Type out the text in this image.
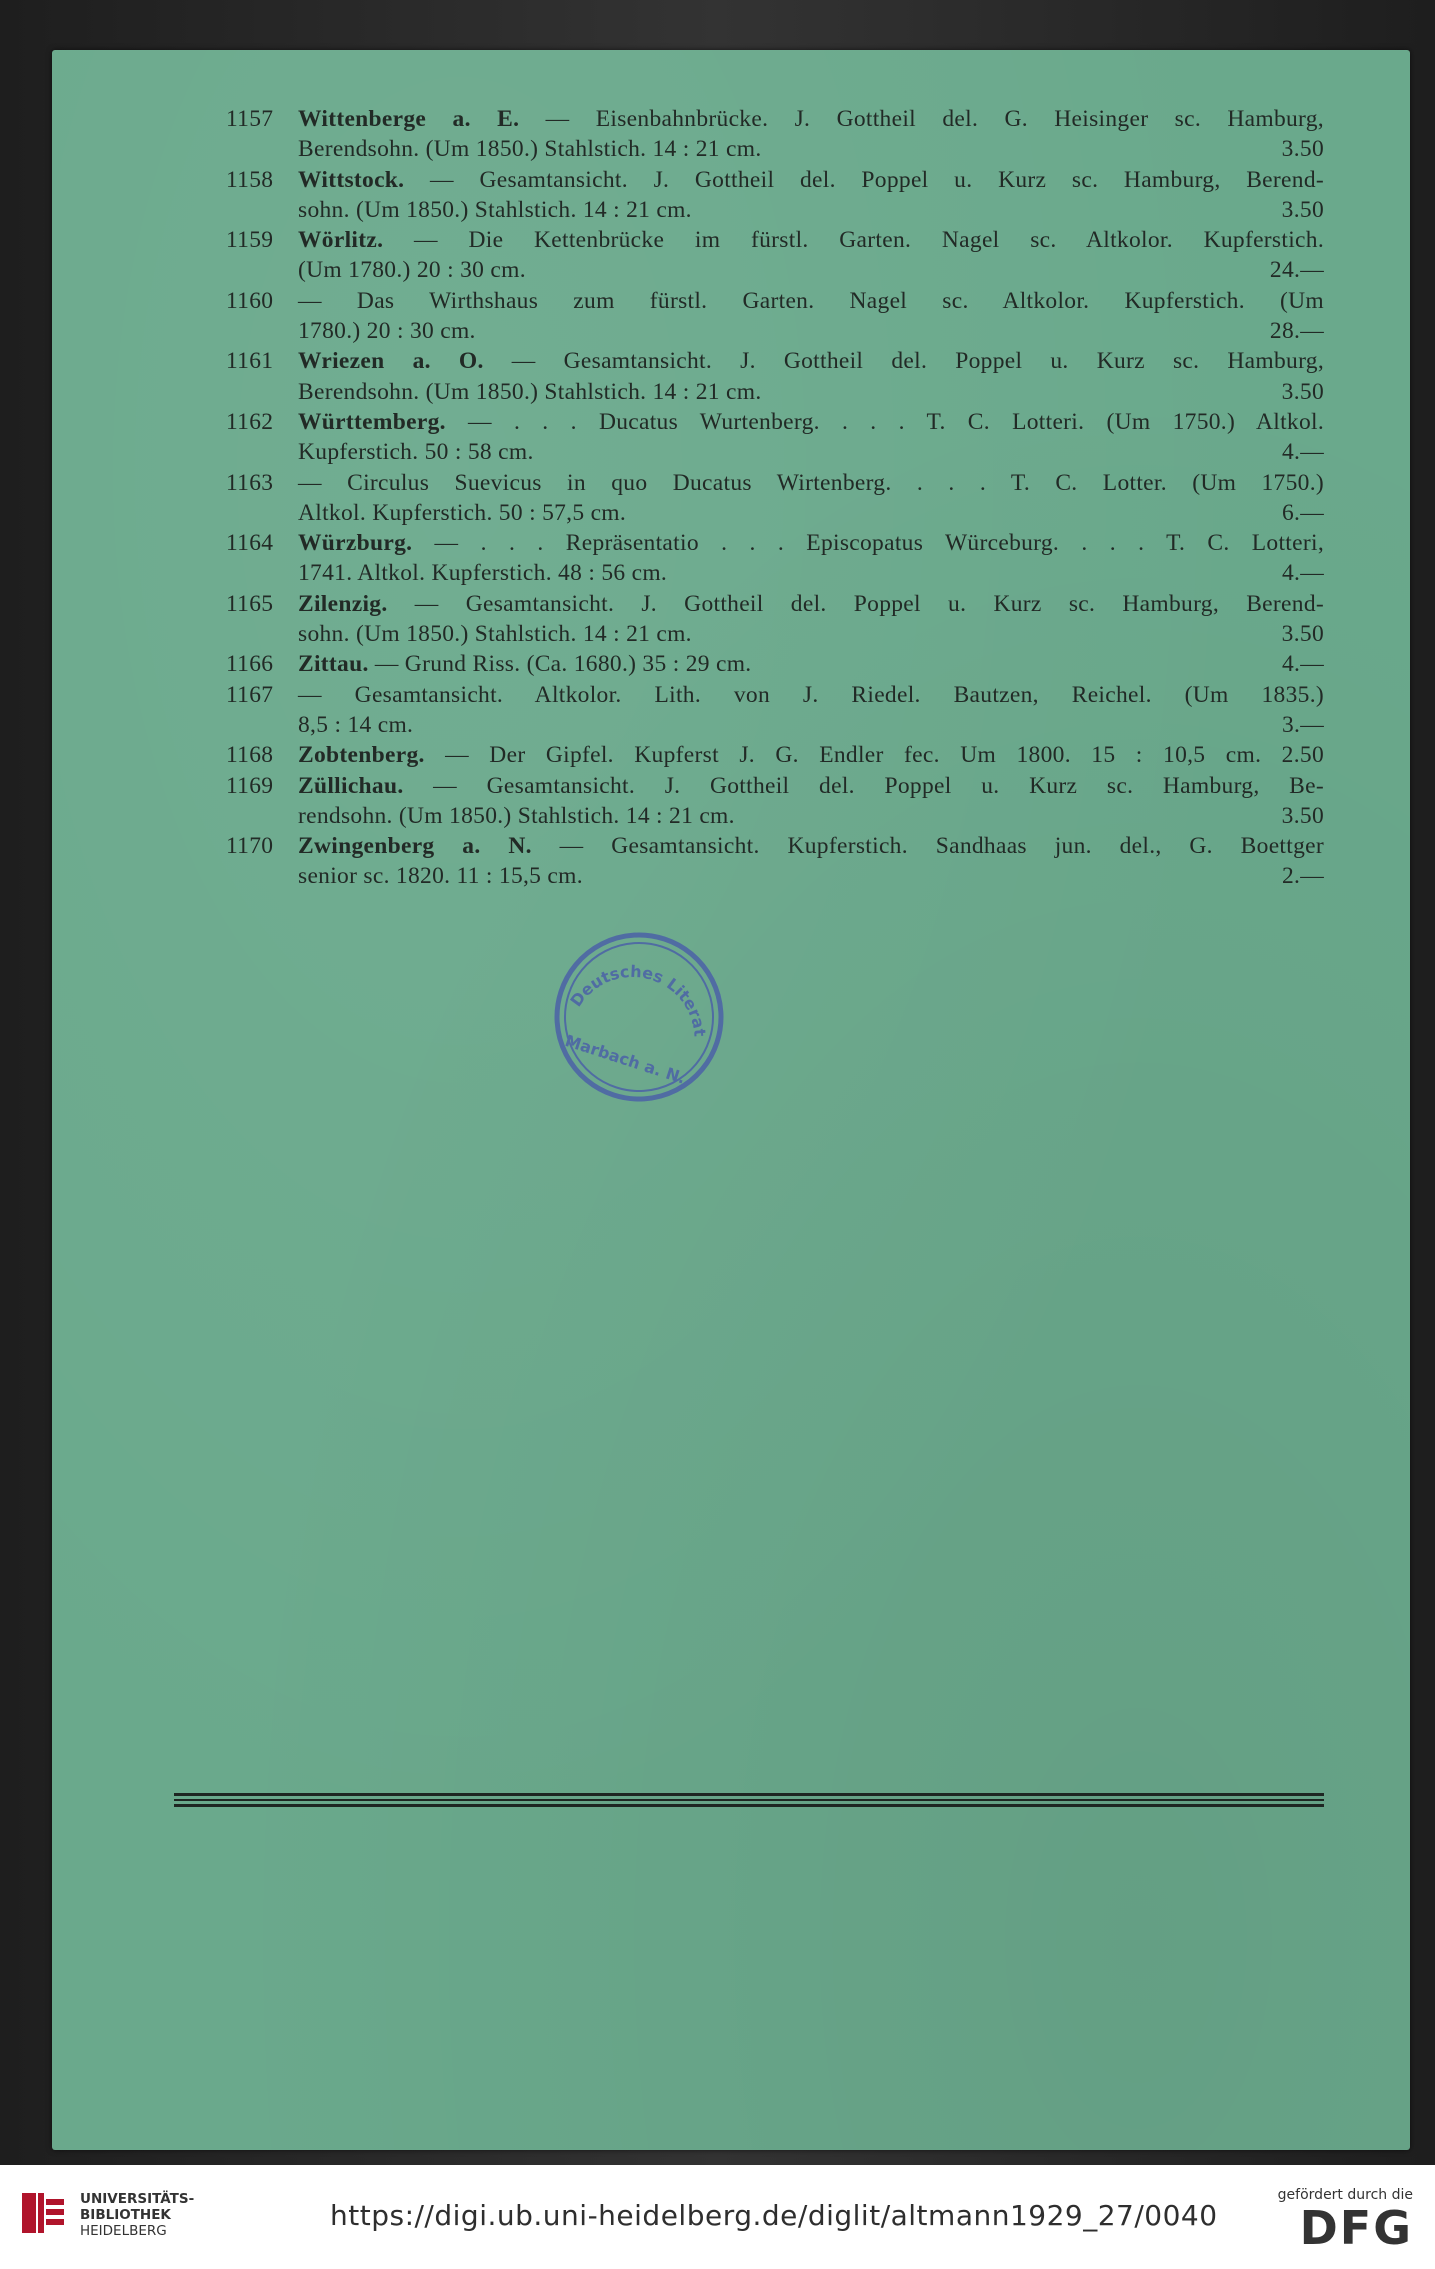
1157	Wittenberge a. E. — Eisenbahnbrücke. J. Gottheil del. G. Heisinger sc. Hamburg,
Berendsohn. (Um 1850.) Stahlstich. 14 : 21 cm.	3.50
1158	Wittstock. — Gesamtansicht. J. Gottheil del. Poppel u. Kurz sc. Hamburg, Berend-
sohn. (Um 1850.) Stahlstich. 14 : 21 cm.	3.50
1159	Wörlitz. — Die Kettenbrücke im fürstl. Garten. Nagel sc. Altkolor. Kupferstich.
(Um 1780.) 20 : 30 cm.	24.—
1160	— Das Wirthshaus zum fürstl. Garten. Nagel sc. Altkolor. Kupferstich. (Um
1780.) 20 : 30 cm.	28.—
1161	Wriezen a. O. — Gesamtansicht. J. Gottheil del. Poppel u. Kurz sc. Hamburg,
Berendsohn. (Um 1850.) Stahlstich. 14 : 21 cm.	3.50
1162	Württemberg. — . . . Ducatus Wurtenberg. . . . T. C. Lotteri. (Um 1750.) Altkol.
Kupferstich. 50 : 58 cm.	4.—
1163	— Circulus Suevicus in quo Ducatus Wirtenberg. . . . T. C. Lotter. (Um 1750.)
Altkol. Kupferstich. 50 : 57,5 cm.	6.—
1164	Würzburg. — . . . Repräsentatio . . . Episcopatus Würceburg. . . . T. C. Lotteri,
1741. Altkol. Kupferstich. 48 : 56 cm.	4.—
1165	Zilenzig. — Gesamtansicht. J. Gottheil del. Poppel u. Kurz sc. Hamburg, Berend-
sohn. (Um 1850.) Stahlstich. 14 : 21 cm.	3.50
1166	Zittau. — Grund Riss. (Ca. 1680.) 35 : 29 cm.	4.—
1167	— Gesamtansicht. Altkolor. Lith. von J. Riedel. Bautzen, Reichel. (Um 1835.)
8,5 : 14 cm.	3.—
1168	Zobtenberg. — Der Gipfel. Kupferst J. G. Endler fec. Um 1800. 15 : 10,5 cm. 2.50
1169	Züllichau. — Gesamtansicht. J. Gottheil del. Poppel u. Kurz sc. Hamburg, Be-
rendsohn. (Um 1850.) Stahlstich. 14 : 21 cm.	3.50
1170	Zwingenberg a. N. — Gesamtansicht. Kupferstich. Sandhaas jun. del., G. Boettger
senior sc. 1820. 11 : 15,5 cm.	2.—
Deutsches Literaturarchiv
Marbach a. N.
UNIVERSITÄTS-
BIBLIOTHEK
HEIDELBERG	https://digi.ub.uni-heidelberg.de/diglit/altmann1929_27/0040
gefördert durch die
DFG
